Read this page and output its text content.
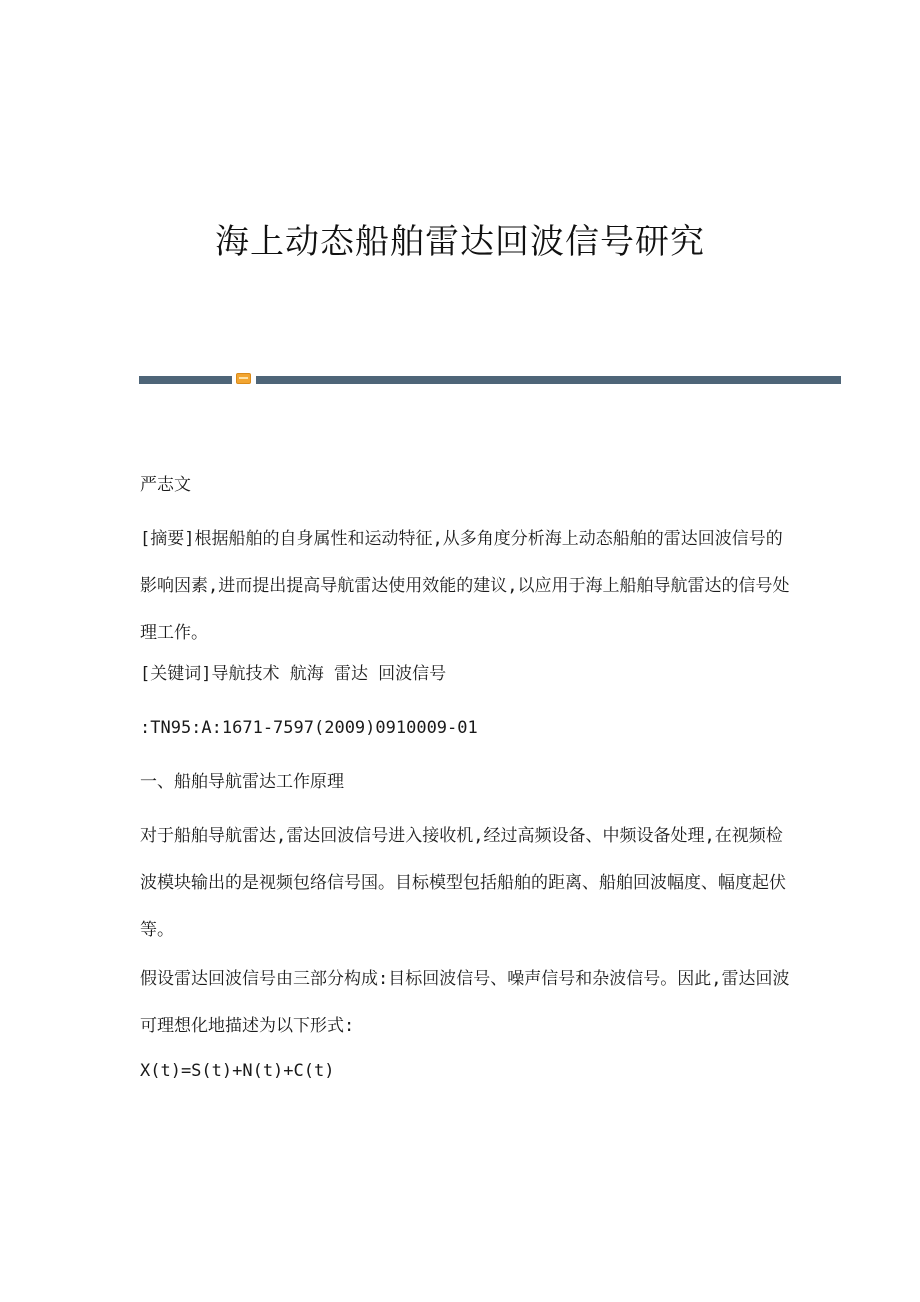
海上动态船舶雷达回波信号研究

严志文

[摘要]根据船舶的自身属性和运动特征,从多角度分析海上动态船舶的雷达回波信号的影响因素,进而提出提高导航雷达使用效能的建议,以应用于海上船舶导航雷达的信号处理工作。

[关键词]导航技术 航海 雷达 回波信号

:TN95:A:1671-7597(2009)0910009-01

一、船舶导航雷达工作原理

对于船舶导航雷达,雷达回波信号进入接收机,经过高频设备、中频设备处理,在视频检波模块输出的是视频包络信号国。目标模型包括船舶的距离、船舶回波幅度、幅度起伏等。

假设雷达回波信号由三部分构成:目标回波信号、噪声信号和杂波信号。因此,雷达回波可理想化地描述为以下形式:

X(t)=S(t)+N(t)+C(t)
